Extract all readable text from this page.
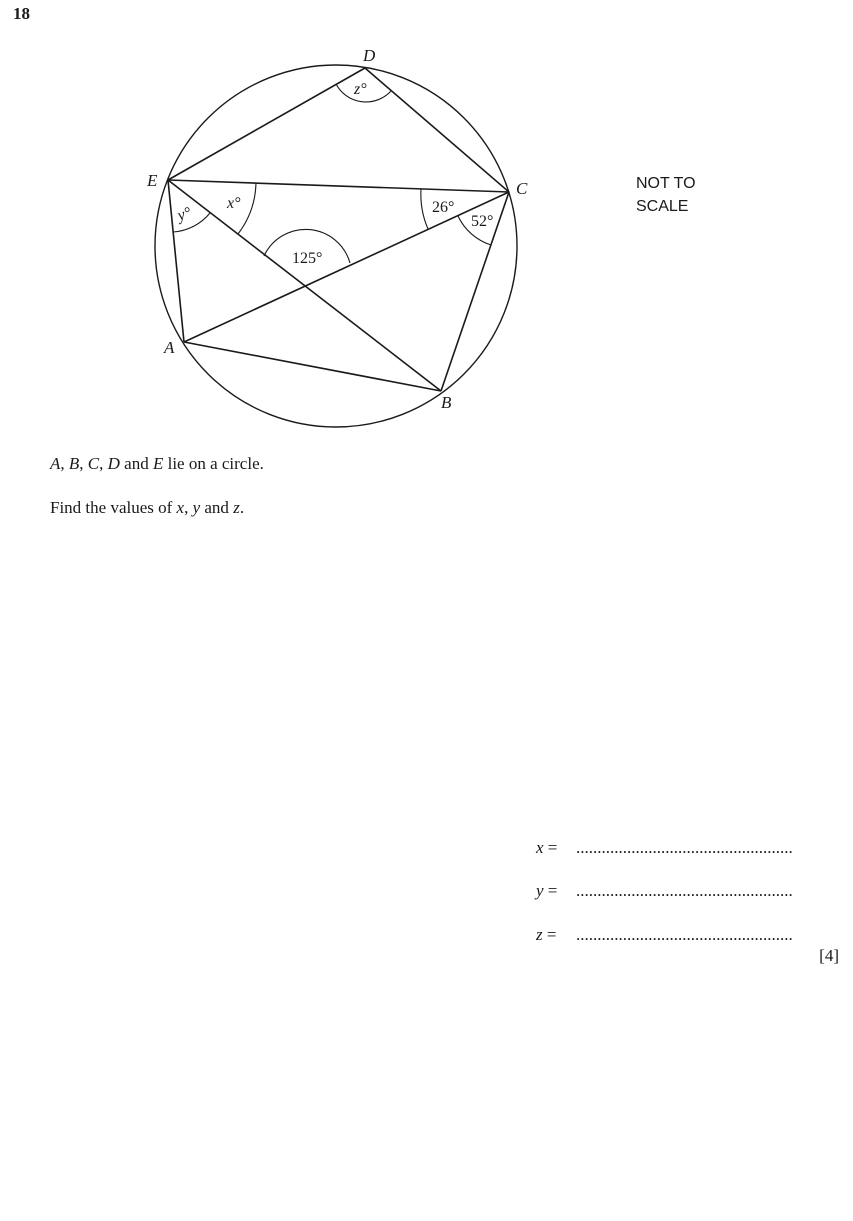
18
D
E	C
A
B
z°
y°
x°	26°
52°
125°
NOT TO
SCALE
A, B, C, D and E lie on a circle.
Find the values of x, y and z.
x = ...................................................
y = ...................................................
z = ...................................................
[4]
